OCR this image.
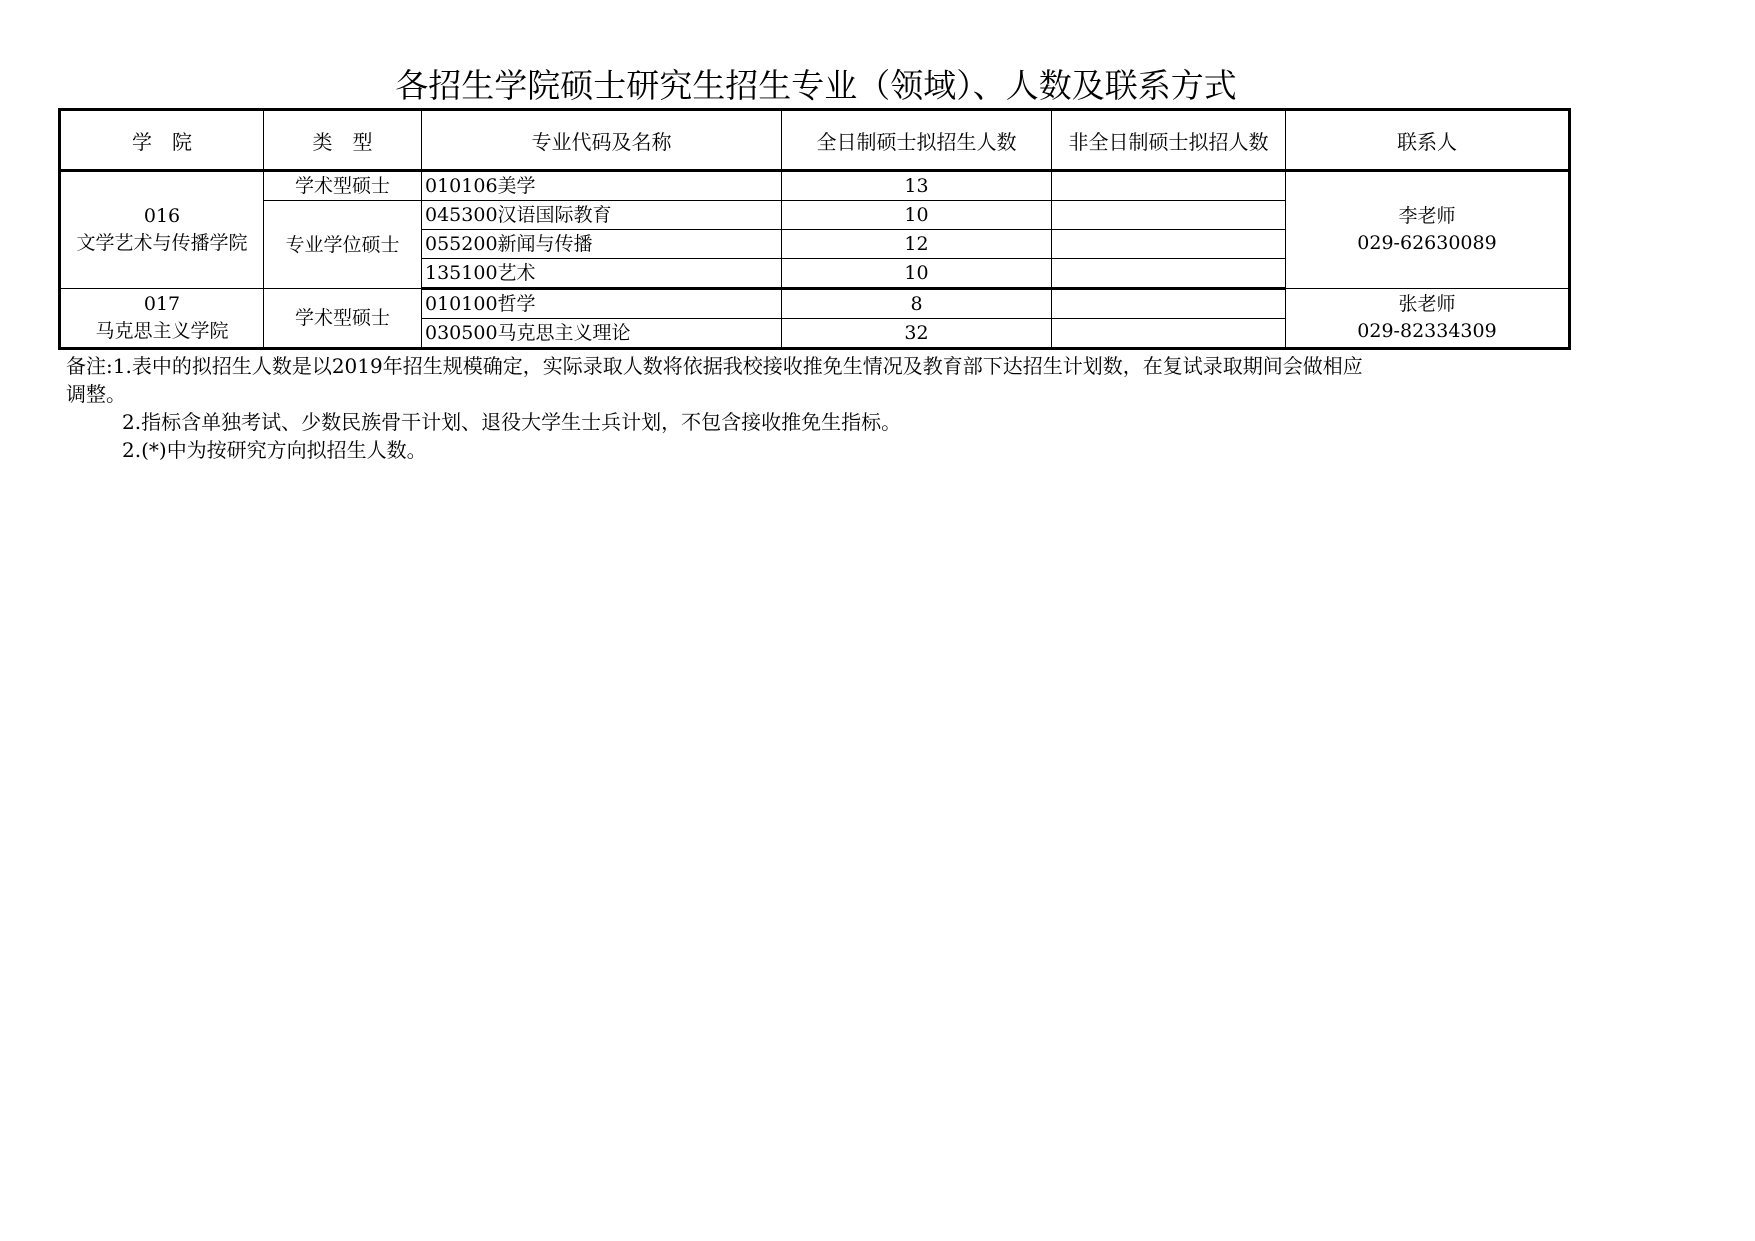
各招生学院硕士研究生招生专业（领域）、人数及联系方式
学　院	类　型	专业代码及名称	全日制硕士拟招生人数	非全日制硕士拟招人数	联系人

016
文学艺术与传播学院	学术型硕士	010106美学	13		李老师
029-62630089

	专业学位硕士	045300汉语国际教育	10		
		055200新闻与传播	12		
		135100艺术	10		

017
马克思主义学院	学术型硕士	010100哲学	8		张老师
029-82334309

		030500马克思主义理论	32		

备注:1.表中的拟招生人数是以2019年招生规模确定，实际录取人数将依据我校接收推免生情况及教育部下达招生计划数，在复试录取期间会做相应

调整。

2.指标含单独考试、少数民族骨干计划、退役大学生士兵计划，不包含接收推免生指标。

2.(*)中为按研究方向拟招生人数。
